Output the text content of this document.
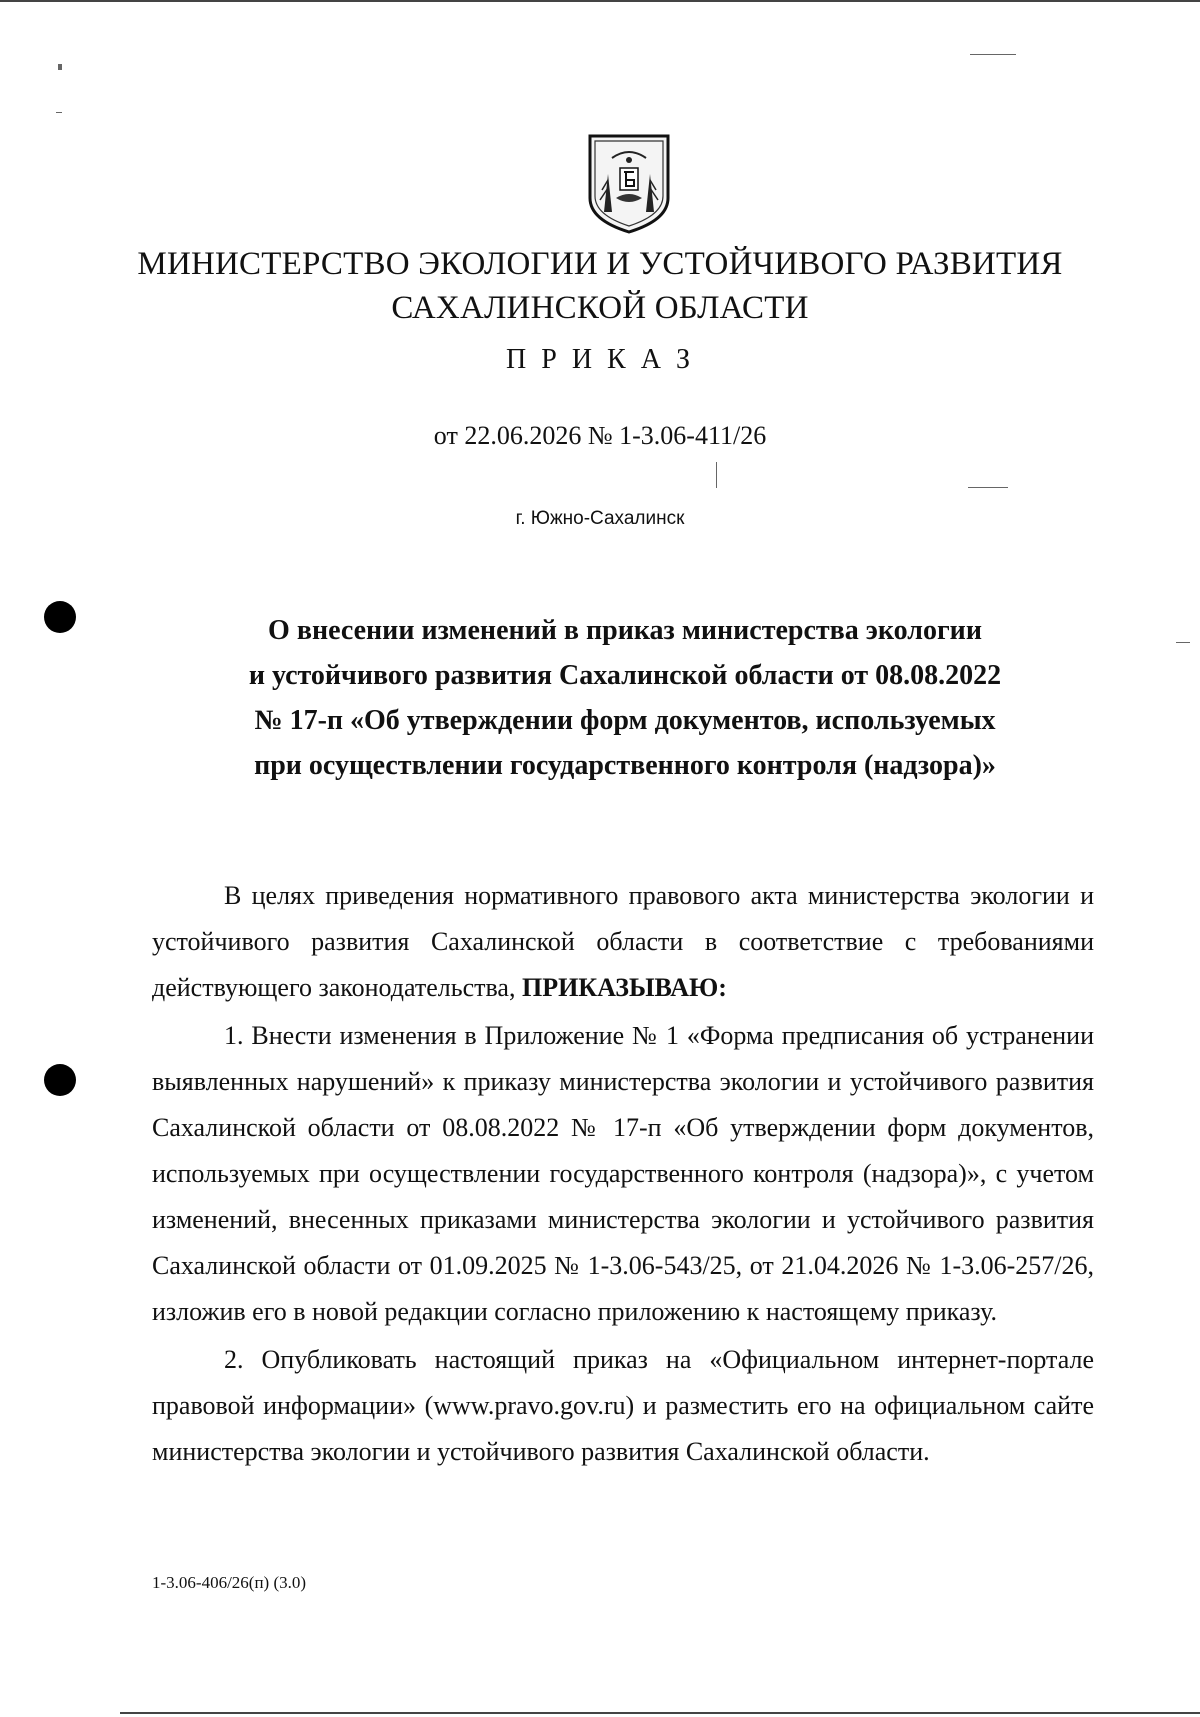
МИНИСТЕРСТВО ЭКОЛОГИИ И УСТОЙЧИВОГО РАЗВИТИЯ
САХАЛИНСКОЙ ОБЛАСТИ
П Р И К А З
от 22.06.2026 № 1-3.06-411/26
г. Южно-Сахалинск
О внесении изменений в приказ министерства экологии
и устойчивого развития Сахалинской области от 08.08.2022
№ 17-п «Об утверждении форм документов, используемых
при осуществлении государственного контроля (надзора)»

В целях приведения нормативного правового акта министерства экологии и устойчивого развития Сахалинской области в соответствие с требованиями действующего законодательства, ПРИКАЗЫВАЮ:

1. Внести изменения в Приложение № 1 «Форма предписания об устранении выявленных нарушений» к приказу министерства экологии и устойчивого развития Сахалинской области от 08.08.2022 № 17-п «Об утверждении форм документов, используемых при осуществлении государственного контроля (надзора)», с учетом изменений, внесенных приказами министерства экологии и устойчивого развития Сахалинской области от 01.09.2025 № 1-3.06-543/25, от 21.04.2026 № 1-3.06-257/26, изложив его в новой редакции согласно приложению к настоящему приказу.

2. Опубликовать настоящий приказ на «Официальном интернет-портале правовой информации» (www.pravo.gov.ru) и разместить его на официальном сайте министерства экологии и устойчивого развития Сахалинской области.

1-3.06-406/26(п) (3.0)
